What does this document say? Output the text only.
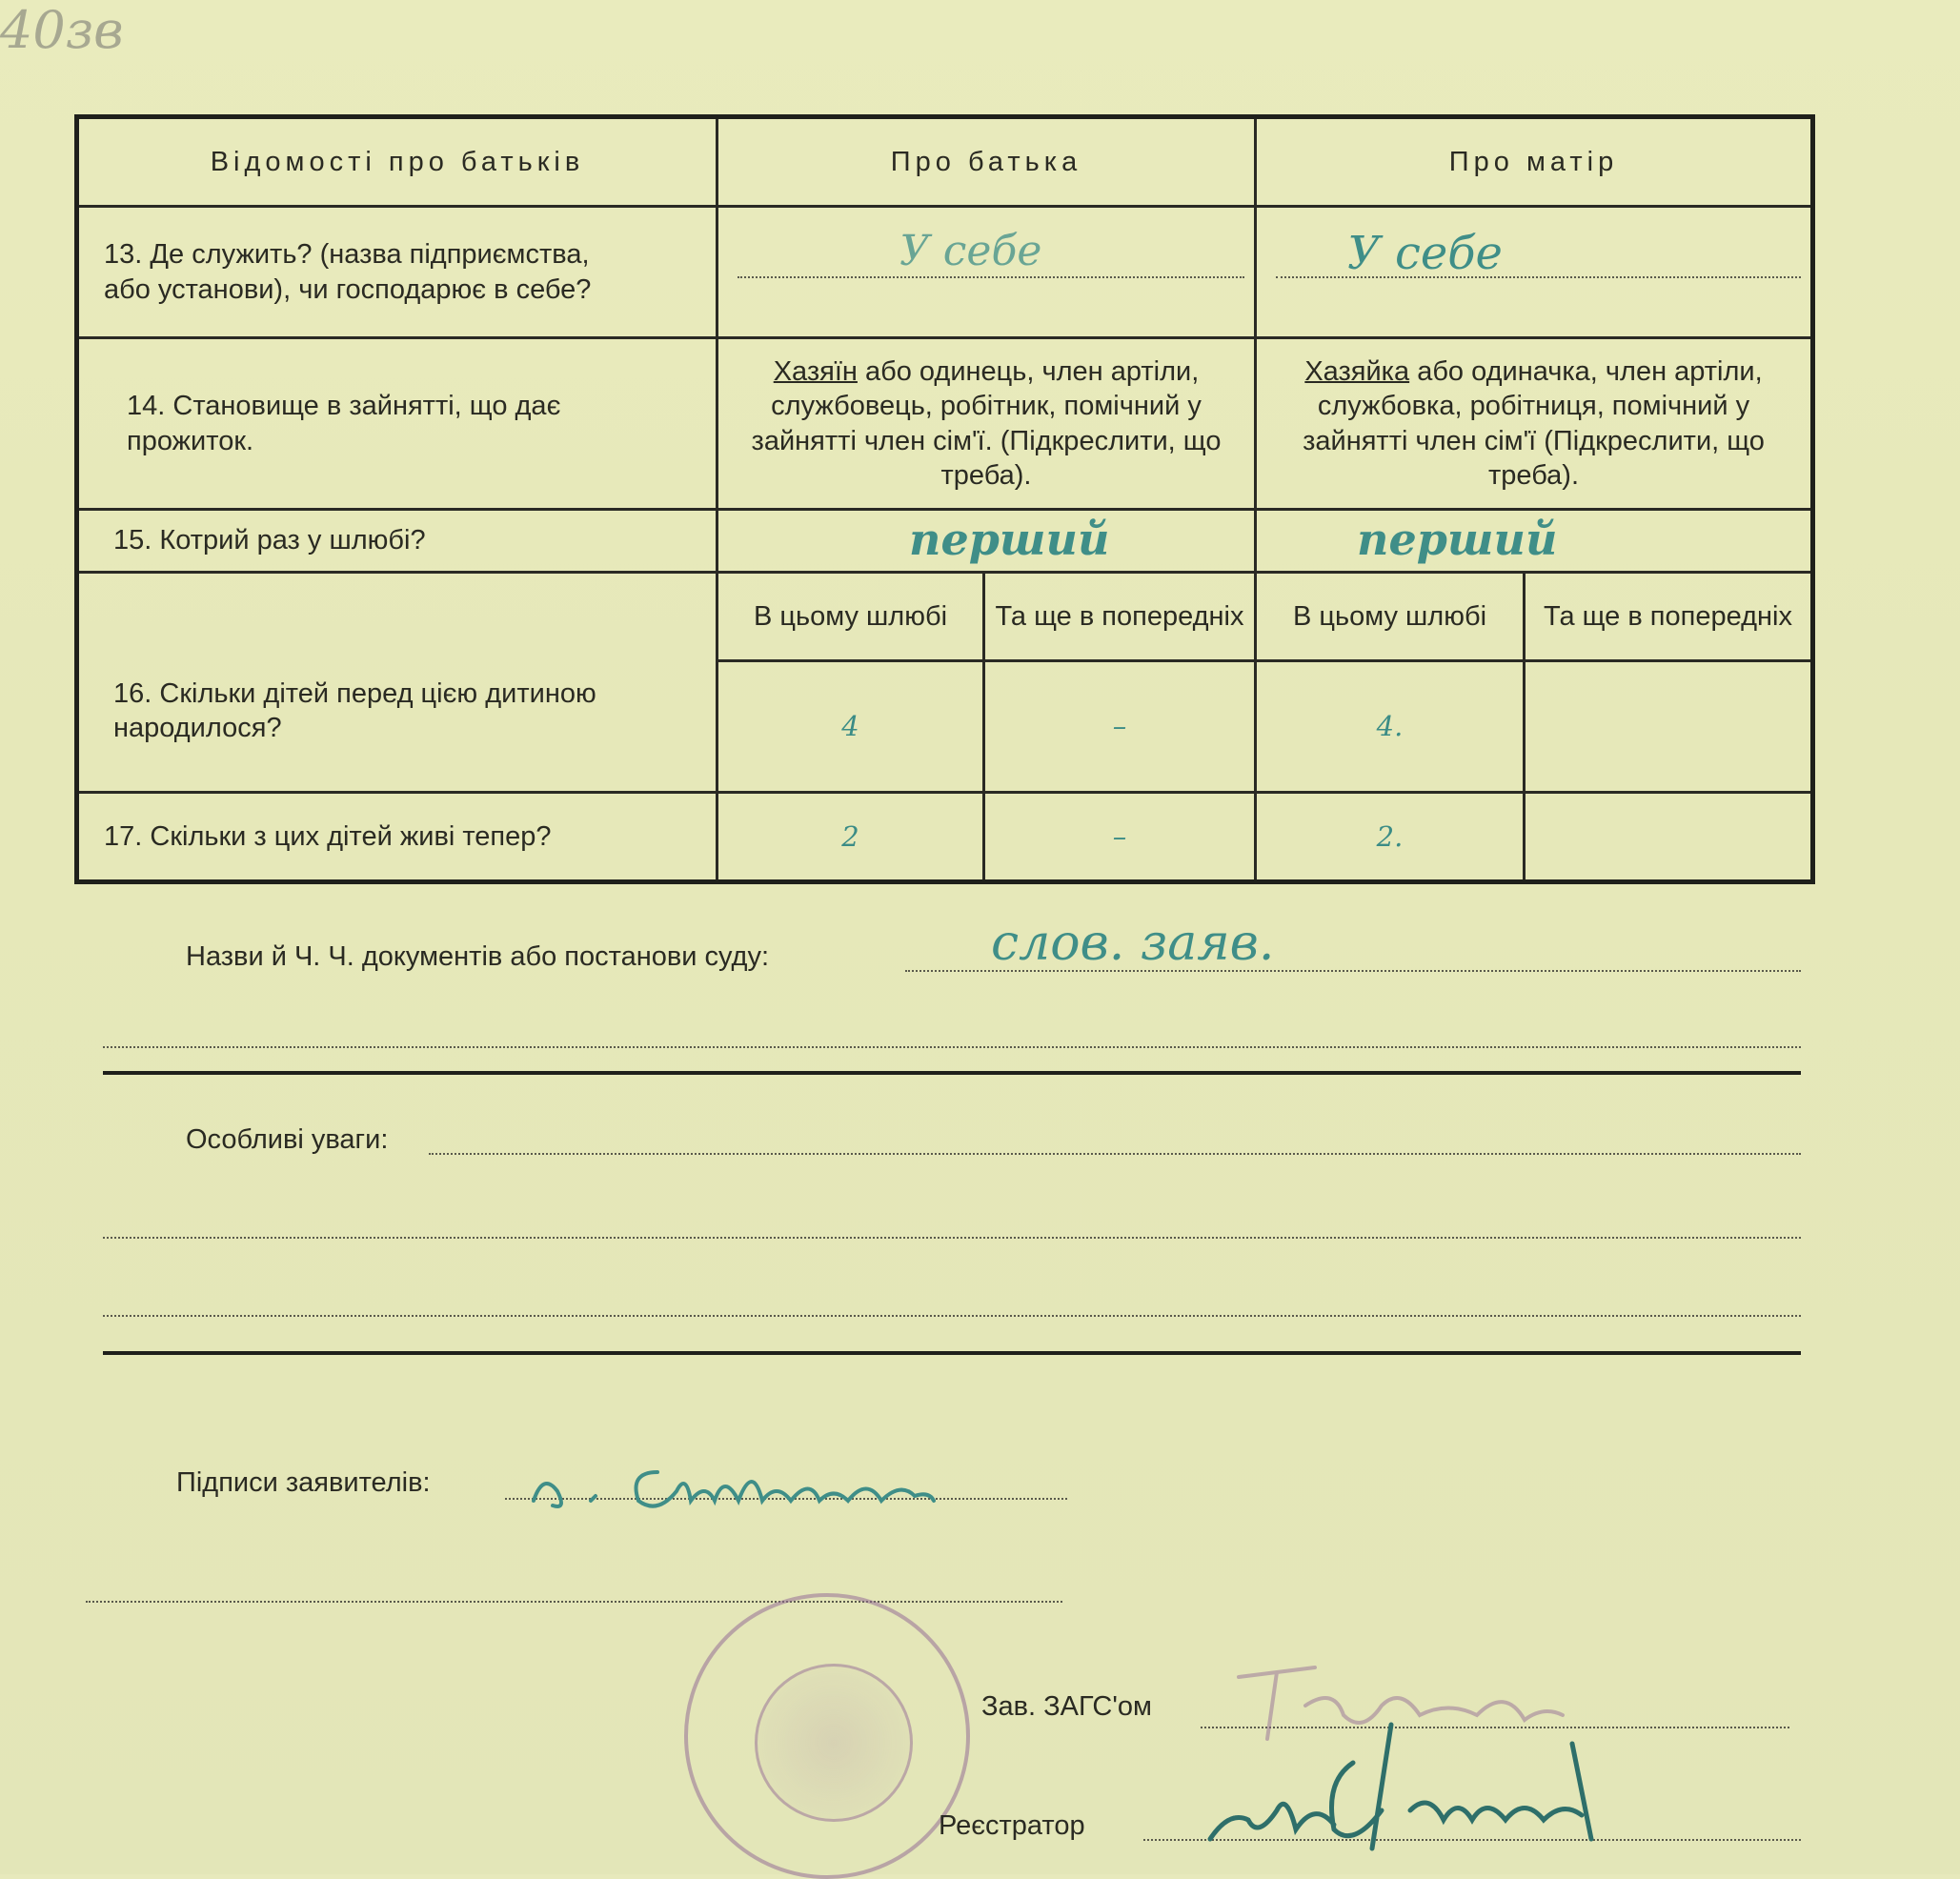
40зв
Відомості про батьків	Про батька		Про матір	

13. Де служить? (назва підприємства,
або установи), чи господарює в себе?	У себе		У себе	

14. Становище в зайнятті, що дає
прожиток.	Хазяїн або одинець, член артіли, службовець, робітник, помічний у зайнятті член сім'ї. (Підкреслити, що треба).		Хазяйка або одиначка, член артіли, службовка, робітниця, помічний у зайнятті член сім'ї (Підкреслити, що треба).	

15. Котрий раз у шлюбі?	перший		перший	

16. Скільки дітей перед цією дитиною народилося?	В цьому шлюбі	Та ще в попередніх	В цьому шлюбі	Та ще в попередніх
	4	–	4.	

17. Скільки з цих дітей живі тепер?	2	–	2.	
Назви й Ч. Ч. документів або постанови суду:	слов. заяв.
Особливі уваги:
Підписи заявителів:
Зав. ЗАГС'ом
Реєстратор
